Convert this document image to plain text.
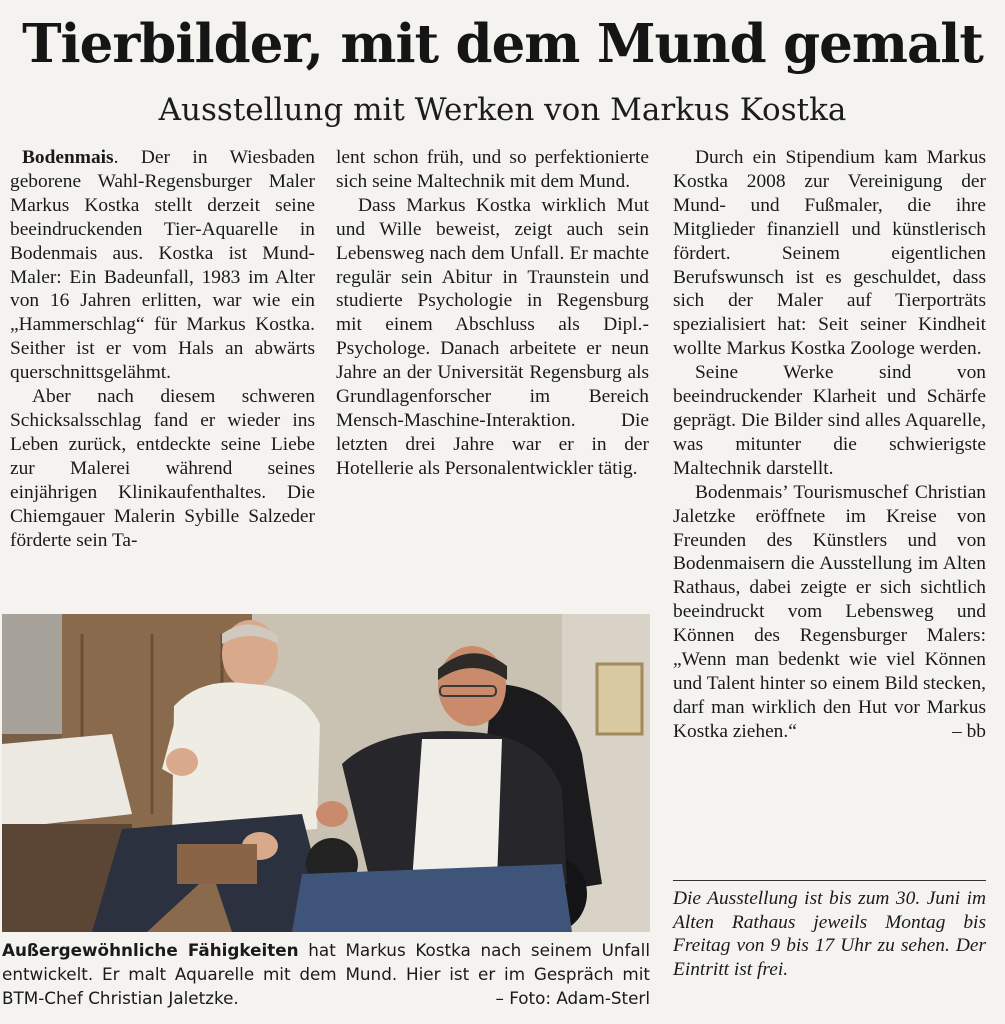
Tierbilder, mit dem Mund gemalt
Ausstellung mit Werken von Markus Kostka

Bodenmais. Der in Wiesbaden geborene Wahl-Regensburger Maler Markus Kostka stellt derzeit seine beeindruckenden Tier-Aquarelle in Bodenmais aus. Kostka ist Mund-Maler: Ein Badeunfall, 1983 im Alter von 16 Jahren erlitten, war wie ein „Hammerschlag“ für Markus Kostka. Seither ist er vom Hals an abwärts querschnittsgelähmt.

Aber nach diesem schweren Schicksalsschlag fand er wieder ins Leben zurück, entdeckte seine Liebe zur Malerei während seines einjährigen Klinikaufenthaltes. Die Chiemgauer Malerin Sybille Salzeder förderte sein Ta-

lent schon früh, und so perfektionierte sich seine Maltechnik mit dem Mund.

Dass Markus Kostka wirklich Mut und Wille beweist, zeigt auch sein Lebensweg nach dem Unfall. Er machte regulär sein Abitur in Traunstein und studierte Psychologie in Regensburg mit einem Abschluss als Dipl.-Psychologe. Danach arbeitete er neun Jahre an der Universität Regensburg als Grundlagenforscher im Bereich Mensch-Maschine-Interaktion. Die letzten drei Jahre war er in der Hotellerie als Personalentwickler tätig.

Durch ein Stipendium kam Markus Kostka 2008 zur Vereinigung der Mund- und Fußmaler, die ihre Mitglieder finanziell und künstlerisch fördert. Seinem eigentlichen Berufswunsch ist es geschuldet, dass sich der Maler auf Tierporträts spezialisiert hat: Seit seiner Kindheit wollte Markus Kostka Zoologe werden.

Seine Werke sind von beeindruckender Klarheit und Schärfe geprägt. Die Bilder sind alles Aquarelle, was mitunter die schwierigste Maltechnik darstellt.

Bodenmais’ Tourismuschef Christian Jaletzke eröffnete im Kreise von Freunden des Künstlers und von Bodenmaisern die Ausstellung im Alten Rathaus, dabei zeigte er sich sichtlich beeindruckt vom Lebensweg und Können des Regensburger Malers: „Wenn man bedenkt wie viel Können und Talent hinter so einem Bild stecken, darf man wirklich den Hut vor Markus Kostka ziehen.“	– bb

Die Ausstellung ist bis zum 30. Juni im Alten Rathaus jeweils Montag bis Freitag von 9 bis 17 Uhr zu sehen. Der Eintritt ist frei.
Außergewöhnliche Fähigkeiten hat Markus Kostka nach seinem Unfall entwickelt. Er malt Aquarelle mit dem Mund. Hier ist er im Gespräch mit BTM-Chef Christian Jaletzke.	– Foto: Adam-Sterl
